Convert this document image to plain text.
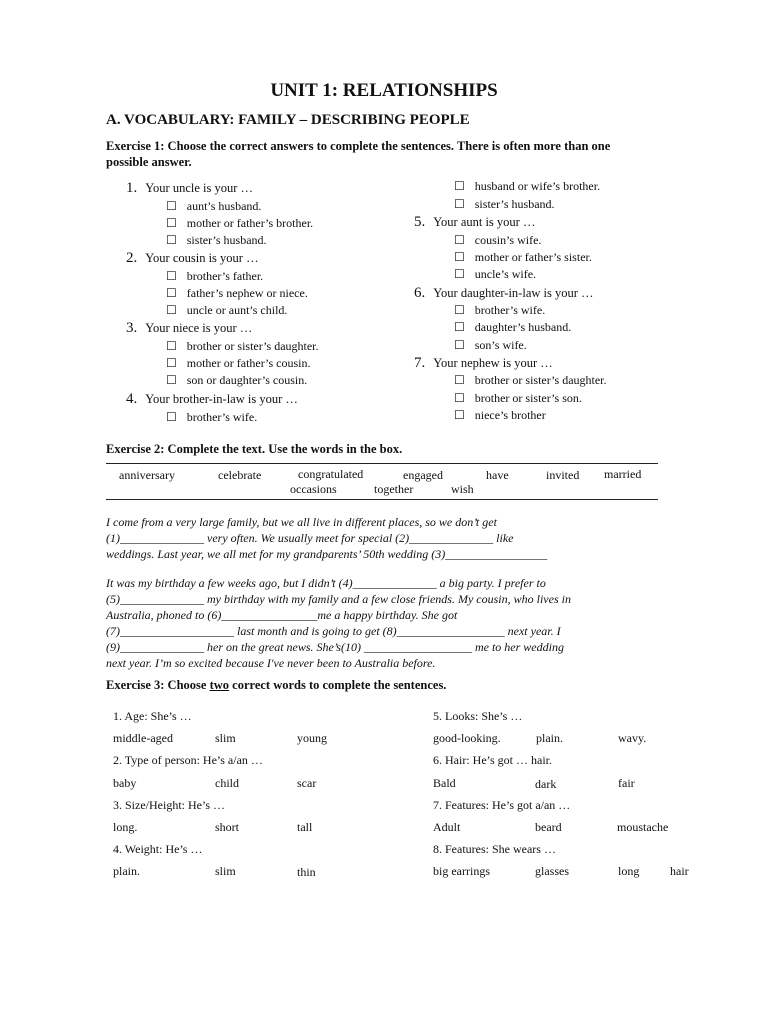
UNIT 1: RELATIONSHIPS
A. VOCABULARY: FAMILY – DESCRIBING PEOPLE
Exercise 1: Choose the correct answers to complete the sentences. There is often more than one
possible answer.
1. Your uncle is your …
☐ aunt’s husband.
☐ mother or father’s brother.
☐ sister’s husband.
2. Your cousin is your …
☐ brother’s father.
☐ father’s nephew or niece.
☐ uncle or aunt’s child.
3. Your niece is your …
☐ brother or sister’s daughter.
☐ mother or father’s cousin.
☐ son or daughter’s cousin.
4. Your brother-in-law is your …
☐ brother’s wife.
☐ husband or wife’s brother.
☐ sister’s husband.
5. Your aunt is your …
☐ cousin’s wife.
☐ mother or father’s sister.
☐ uncle’s wife.
6. Your daughter-in-law is your …
☐ brother’s wife.
☐ daughter’s husband.
☐ son’s wife.
7. Your nephew is your …
☐ brother or sister’s daughter.
☐ brother or sister’s son.
☐ niece’s brother
Exercise 2: Complete the text. Use the words in the box.
anniversary	celebrate	congratulated	engaged	have	invited married
occasions	together	wish
I come from a very large family, but we all live in different places, so we don’t get
(1)______________ very often. We usually meet for special (2)______________ like
weddings. Last year, we all met for my grandparents’ 50th wedding (3)_________________
It was my birthday a few weeks ago, but I didn’t (4)______________ a big party. I prefer to
(5)______________ my birthday with my family and a few close friends. My cousin, who lives in
Australia, phoned to (6)________________me a happy birthday. She got
(7)___________________ last month and is going to get (8)__________________ next year. I
(9)______________ her on the great news. She’s(10) __________________ me to her wedding
next year. I’m so excited because I've never been to Australia before.
Exercise 3: Choose two correct words to complete the sentences.
1. Age: She’s …
middle-aged	slim	young
2. Type of person: He’s a/an …
baby	child	scar
3. Size/Height: He’s …
long.	short	tall
4. Weight: He’s …
plain.	slim	thin
5. Looks: She’s …
good-looking.	plain.	wavy.
6. Hair: He’s got … hair.
Bald	dark	fair
7. Features: He’s got a/an …
Adult	beard	moustache
8. Features: She wears …
big earrings	glasses	long	hair
